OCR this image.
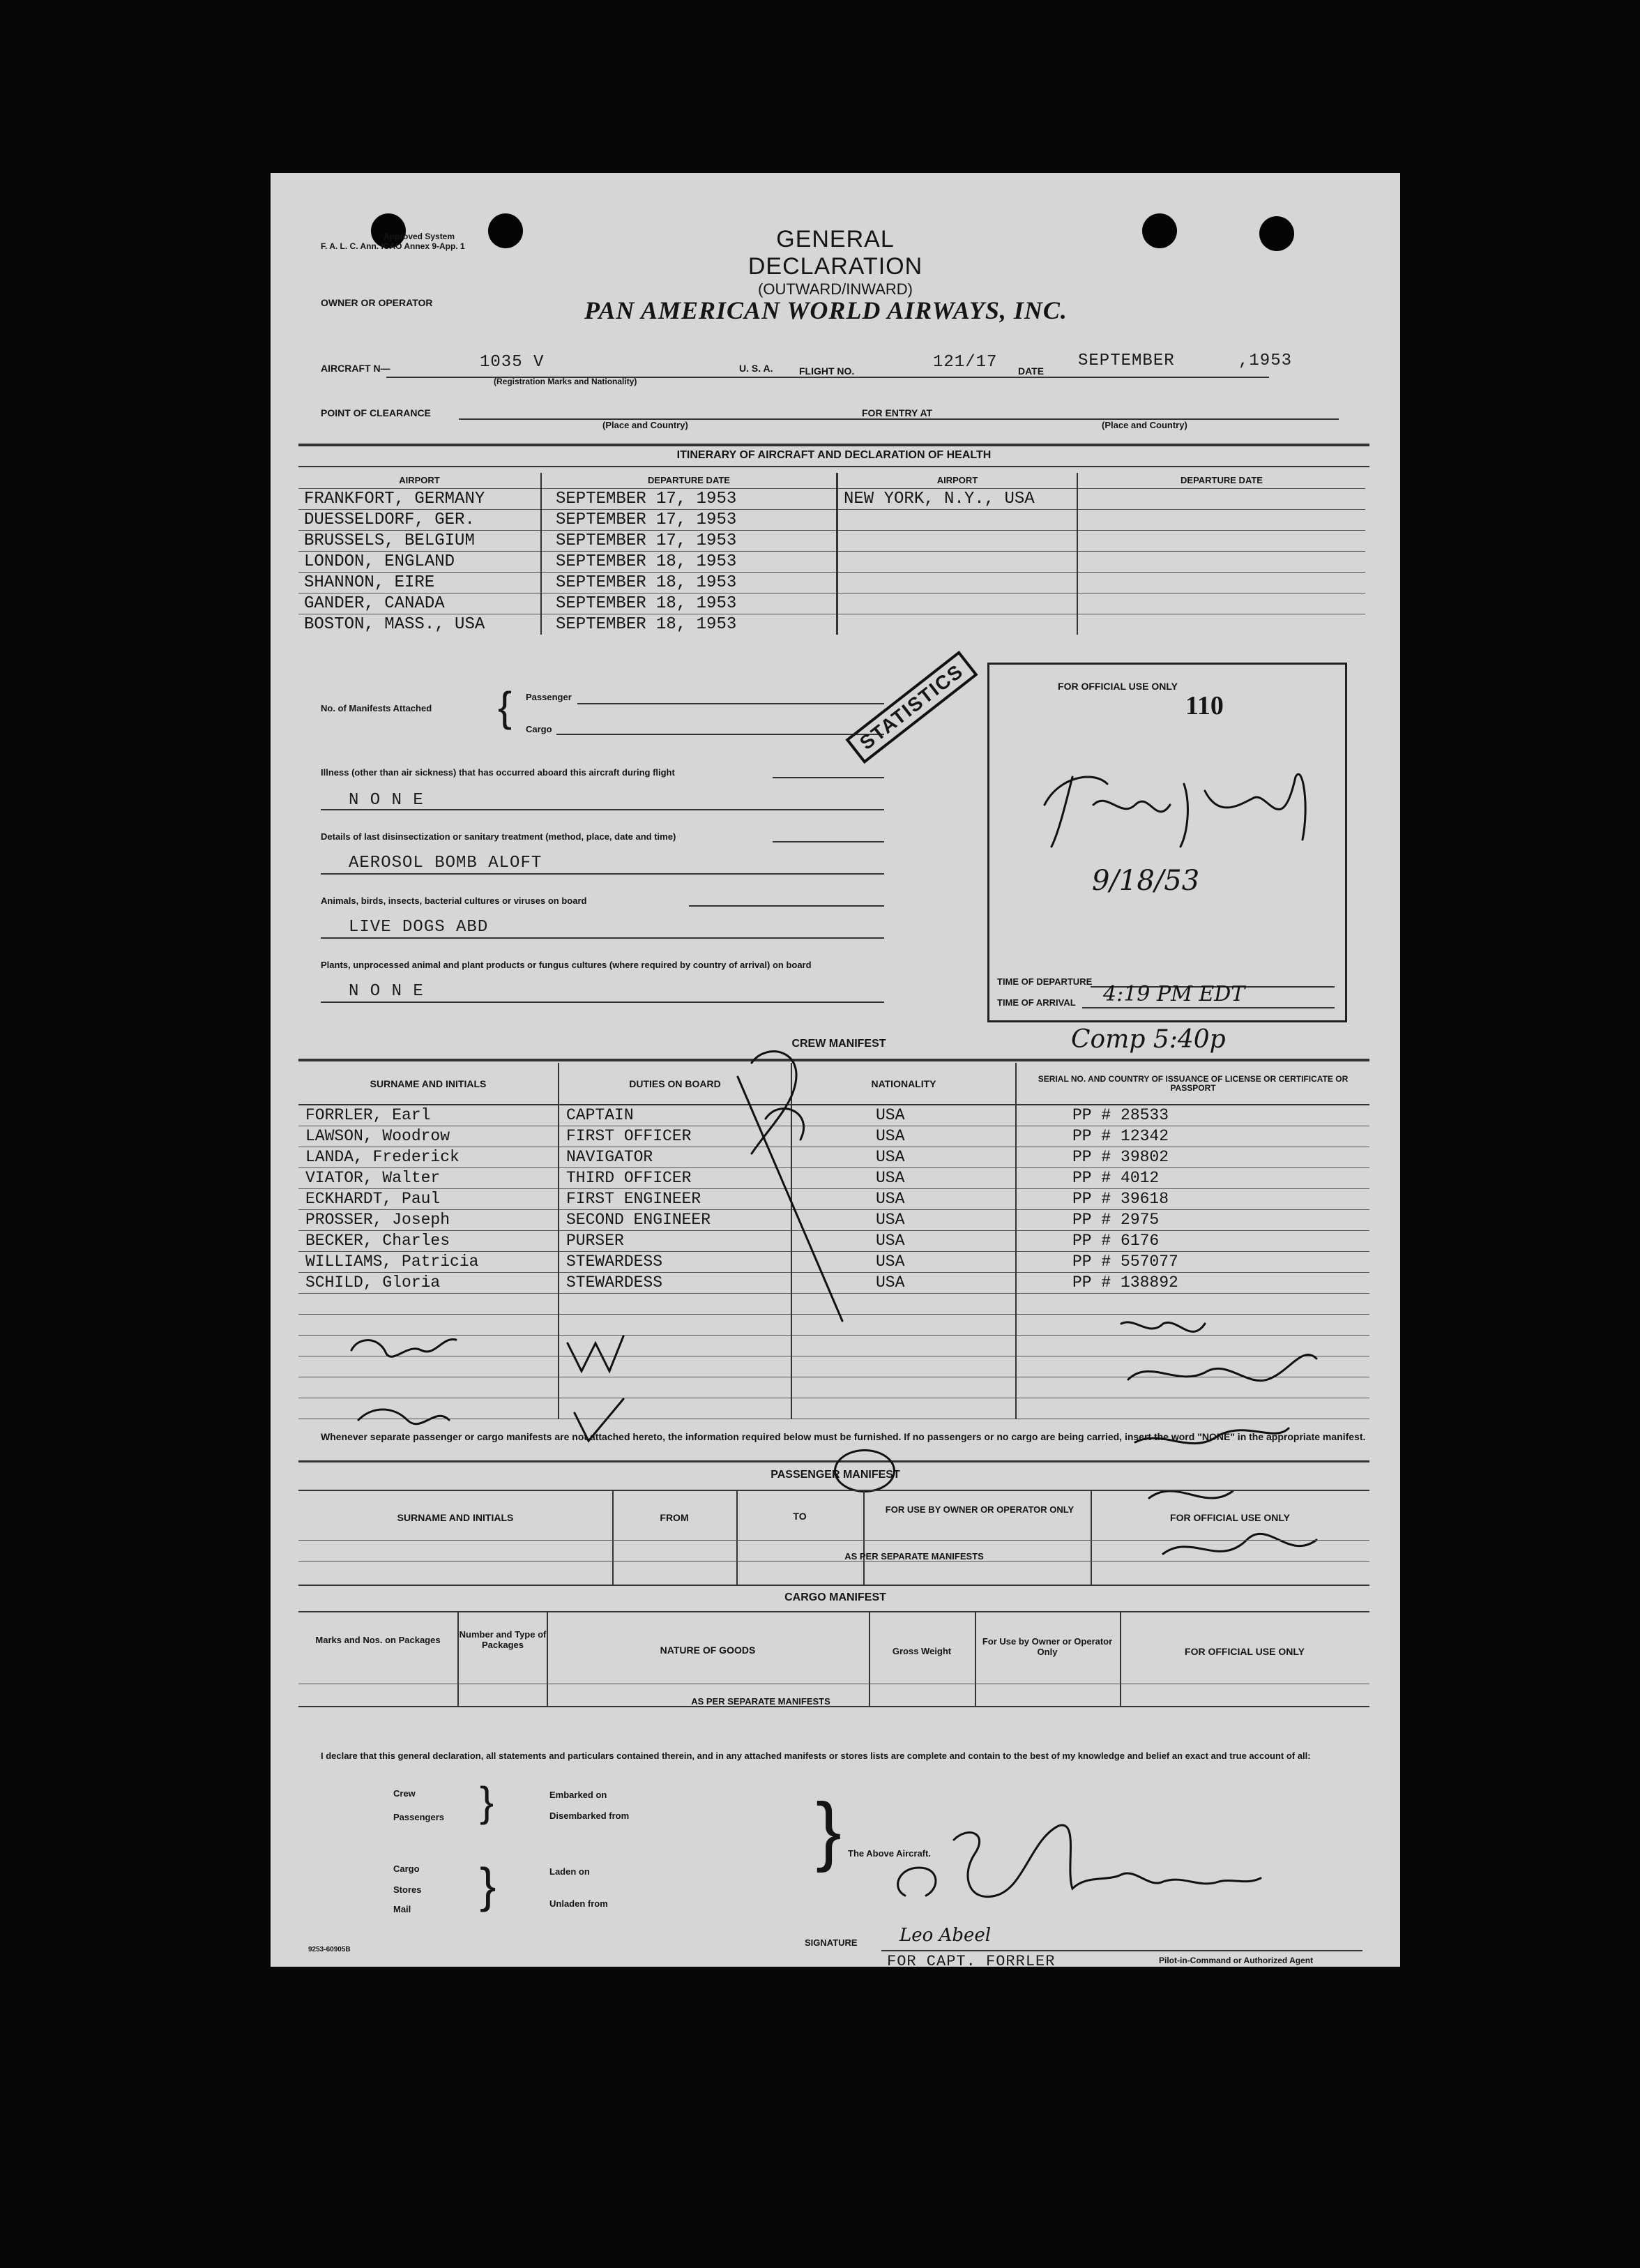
Approved System
F. A. L. C. Ann. ICAO Annex 9-App. 1	GENERAL DECLARATION
(OUTWARD/INWARD)
OWNER OR OPERATOR	PAN AMERICAN WORLD AIRWAYS, INC.
AIRCRAFT N—	1035 V
(Registration Marks and Nationality)
U. S. A.	FLIGHT NO.	121/17 DATE
SEPTEMBER	,1953
POINT OF CLEARANCE
(Place and Country)
FOR ENTRY AT
(Place and Country)
ITINERARY OF AIRCRAFT AND DECLARATION OF HEALTH
AIRPORT	DEPARTURE DATE	AIRPORT	DEPARTURE DATE
FRANKFORT, GERMANY	SEPTEMBER 17, 1953	NEW YORK, N.Y., USA	
DUESSELDORF, GER.	SEPTEMBER 17, 1953		
BRUSSELS, BELGIUM	SEPTEMBER 17, 1953		
LONDON, ENGLAND	SEPTEMBER 18, 1953		
SHANNON, EIRE	SEPTEMBER 18, 1953		
GANDER, CANADA	SEPTEMBER 18, 1953		
BOSTON, MASS., USA	SEPTEMBER 18, 1953		
No. of Manifests Attached { Passenger
Cargo	STATISTICS
Illness (other than air sickness) that has occurred aboard this aircraft during flight
N O N E
Details of last disinsectization or sanitary treatment (method, place, date and time)
AEROSOL BOMB ALOFT
Animals, birds, insects, bacterial cultures or viruses on board
LIVE DOGS ABD
Plants, unprocessed animal and plant products or fungus cultures (where required by country of arrival) on board
N O N E
FOR OFFICIAL USE ONLY
110
9/18/53
TIME OF DEPARTURE
TIME OF ARRIVAL 4:19 PM EDT
Comp 5:40p
CREW MANIFEST
SURNAME AND INITIALS	DUTIES ON BOARD	NATIONALITY	SERIAL NO. AND COUNTRY OF ISSUANCE OF LICENSE OR CERTIFICATE OR PASSPORT
FORRLER, Earl	CAPTAIN	USA	PP # 28533
LAWSON, Woodrow	FIRST OFFICER	USA	PP # 12342
LANDA, Frederick	NAVIGATOR	USA	PP # 39802
VIATOR, Walter	THIRD OFFICER	USA	PP # 4012
ECKHARDT, Paul	FIRST ENGINEER	USA	PP # 39618
PROSSER, Joseph	SECOND ENGINEER	USA	PP # 2975
BECKER, Charles	PURSER	USA	PP # 6176
WILLIAMS, Patricia	STEWARDESS	USA	PP # 557077
SCHILD, Gloria	STEWARDESS	USA	PP # 138892

Whenever separate passenger or cargo manifests are not attached hereto, the information required below must be furnished. If no passengers or no cargo are being carried, insert the word "NONE" in the appropriate manifest.
PASSENGER MANIFEST
SURNAME AND INITIALS	FROM	TO
FOR USE BY OWNER OR OPERATOR ONLY
FOR OFFICIAL USE ONLY
AS PER SEPARATE MANIFESTS
CARGO MANIFEST
Marks and Nos. on Packages
Number and Type of Packages	NATURE OF GOODS	Gross Weight
For Use by Owner or Operator Only	FOR OFFICIAL USE ONLY
AS PER SEPARATE MANIFESTS
I declare that this general declaration, all statements and particulars contained therein, and in any attached manifests or stores lists are complete and contain to the best of my knowledge and belief an exact and true account of all:
Crew
Passengers }	Embarked on
Disembarked from
Cargo
Stores
Mail }	Laden on
Unladen from
} The Above Aircraft.
Leo Abeel
SIGNATURE
FOR CAPT. FORRLER	Pilot-in-Command or Authorized Agent
9253-60905B
